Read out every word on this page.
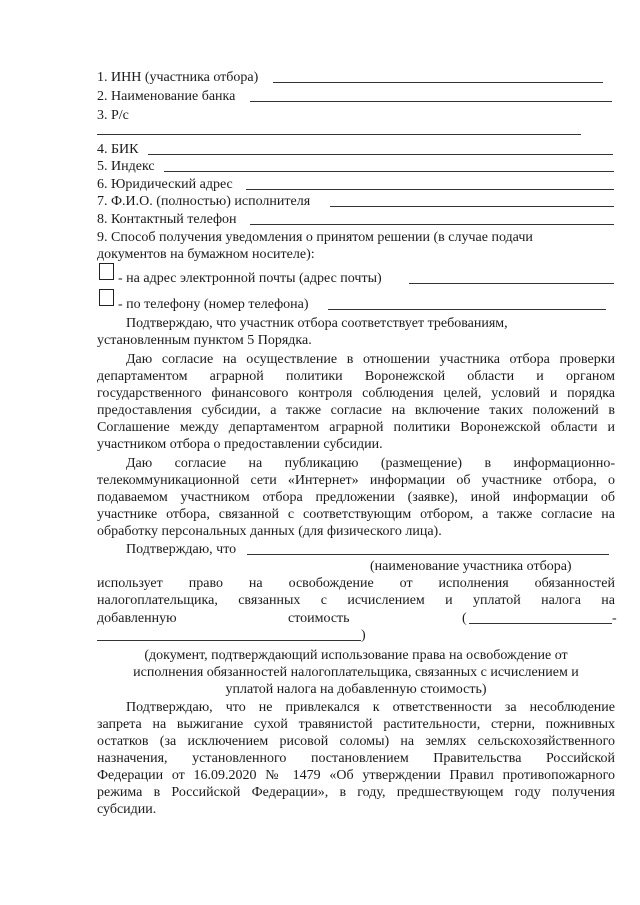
1. ИНН (участника отбора)
2. Наименование банка
3. Р/с
4. БИК
5. Индекс
6. Юридический адрес
7. Ф.И.О. (полностью) исполнителя
8. Контактный телефон
9. Способ получения уведомления о принятом решении (в случае подачи
документов на бумажном носителе):
- на адрес электронной почты (адрес почты)
- по телефону (номер телефона)
Подтверждаю, что участник отбора соответствует требованиям,
установленным пунктом 5 Порядка.
Даю согласие на осуществление в отношении участника отбора проверки
департаментом аграрной политики Воронежской области и органом
государственного финансового контроля соблюдения целей, условий и порядка
предоставления субсидии, а также согласие на включение таких положений в
Соглашение между департаментом аграрной политики Воронежской области и
участником отбора о предоставлении субсидии.
Даю согласие на публикацию (размещение) в информационно-
телекоммуникационной сети «Интернет» информации об участнике отбора, о
подаваемом участником отбора предложении (заявке), иной информации об
участнике отбора, связанной с соответствующим отбором, а также согласие на
обработку персональных данных (для физического лица).
Подтверждаю, что
(наименование участника отбора)
использует право на освобождение от исполнения обязанностей
налогоплательщика, связанных с исчислением и уплатой налога на
добавленную	стоимость	(	-
)
(документ, подтверждающий использование права на освобождение от
исполнения обязанностей налогоплательщика, связанных с исчислением и
уплатой налога на добавленную стоимость)
Подтверждаю, что не привлекался к ответственности за несоблюдение
запрета на выжигание сухой травянистой растительности, стерни, пожнивных
остатков (за исключением рисовой соломы) на землях сельскохозяйственного
назначения, установленного постановлением Правительства Российской
Федерации от 16.09.2020 № 1479 «Об утверждении Правил противопожарного
режима в Российской Федерации», в году, предшествующем году получения
субсидии.
